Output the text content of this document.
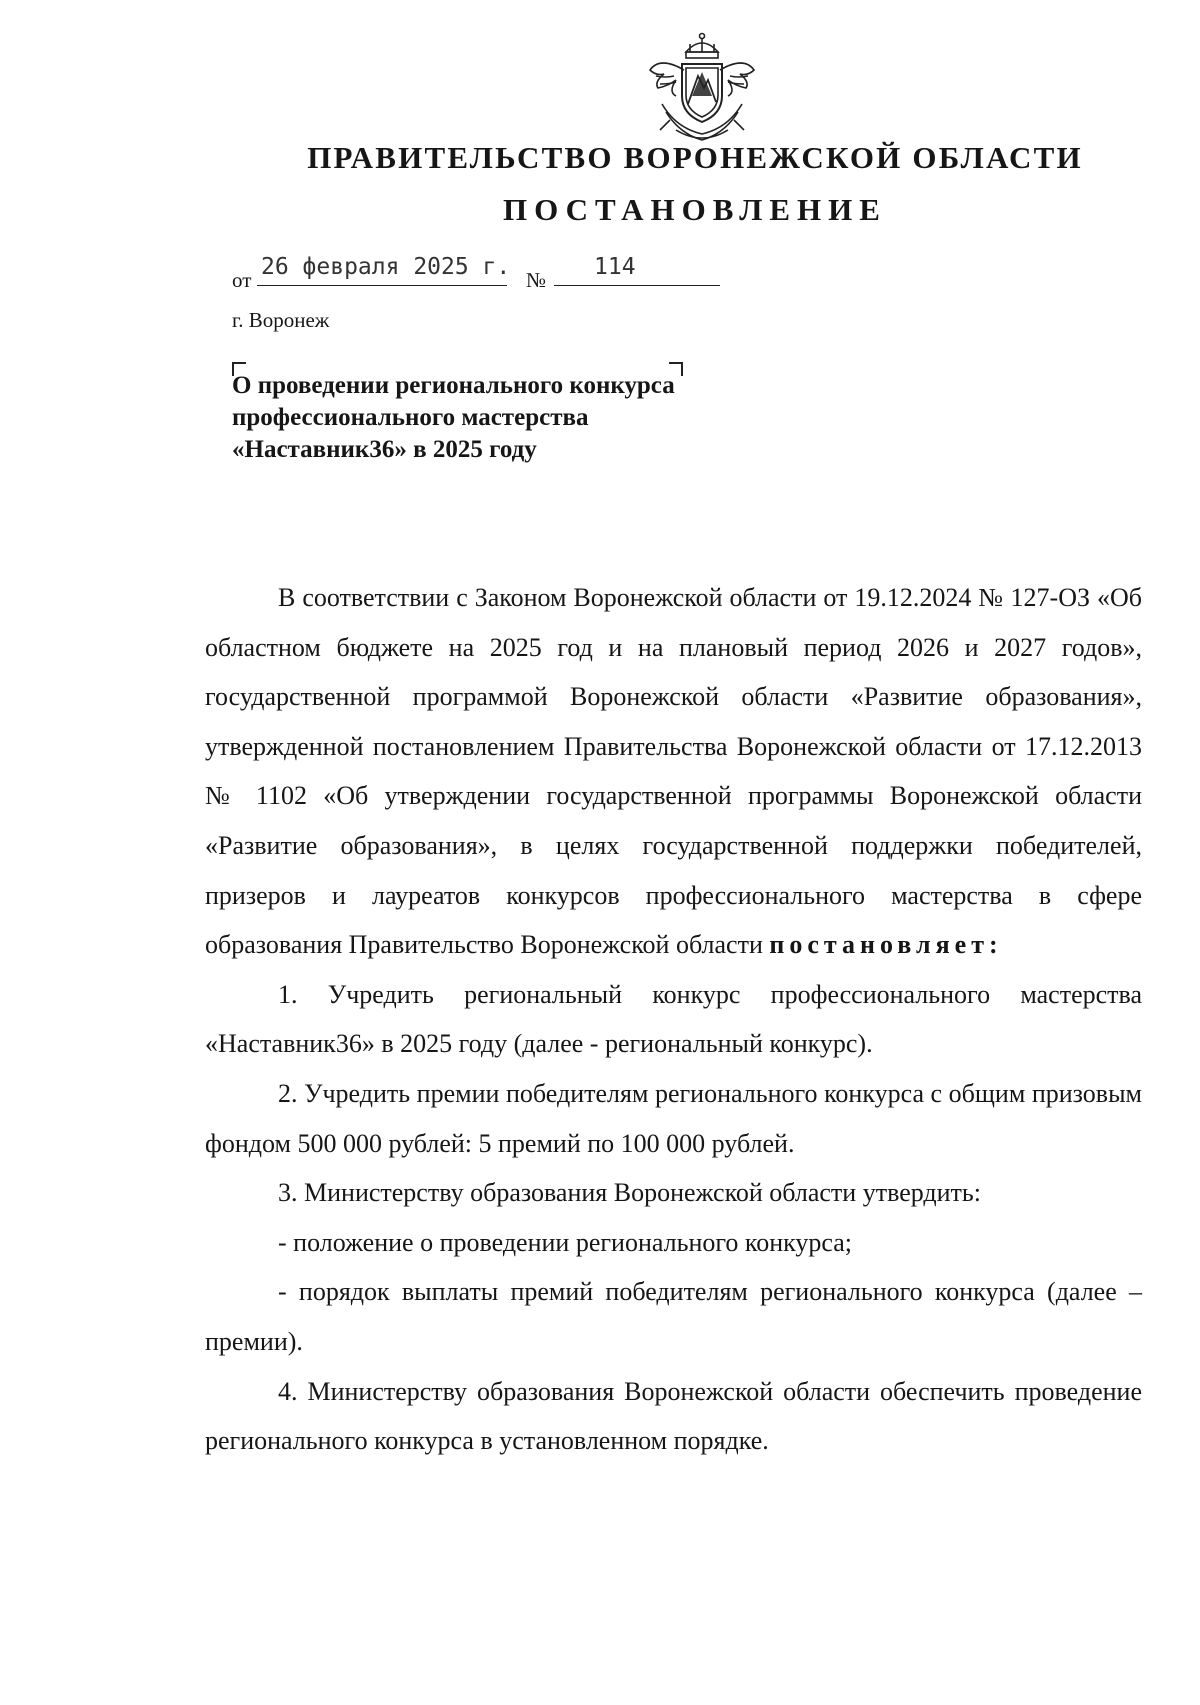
ПРАВИТЕЛЬСТВО ВОРОНЕЖСКОЙ ОБЛАСТИ
ПОСТАНОВЛЕНИЕ
от 26 февраля 2025 г. № 114
г. Воронеж
О проведении регионального конкурса профессионального мастерства «Наставник36» в 2025 году

В соответствии с Законом Воронежской области от 19.12.2024 № 127-ОЗ «Об областном бюджете на 2025 год и на плановый период 2026 и 2027 годов», государственной программой Воронежской области «Развитие образования», утвержденной постановлением Правительства Воронежской области от 17.12.2013 № 1102 «Об утверждении государственной программы Воронежской области «Развитие образования», в целях государственной поддержки победителей, призеров и лауреатов конкурсов профессионального мастерства в сфере образования Правительство Воронежской области постановляет:

1. Учредить региональный конкурс профессионального мастерства «Наставник36» в 2025 году (далее - региональный конкурс).

2. Учредить премии победителям регионального конкурса с общим призовым фондом 500 000 рублей: 5 премий по 100 000 рублей.

3. Министерству образования Воронежской области утвердить:

- положение о проведении регионального конкурса;

- порядок выплаты премий победителям регионального конкурса (далее – премии).

4. Министерству образования Воронежской области обеспечить проведение регионального конкурса в установленном порядке.
